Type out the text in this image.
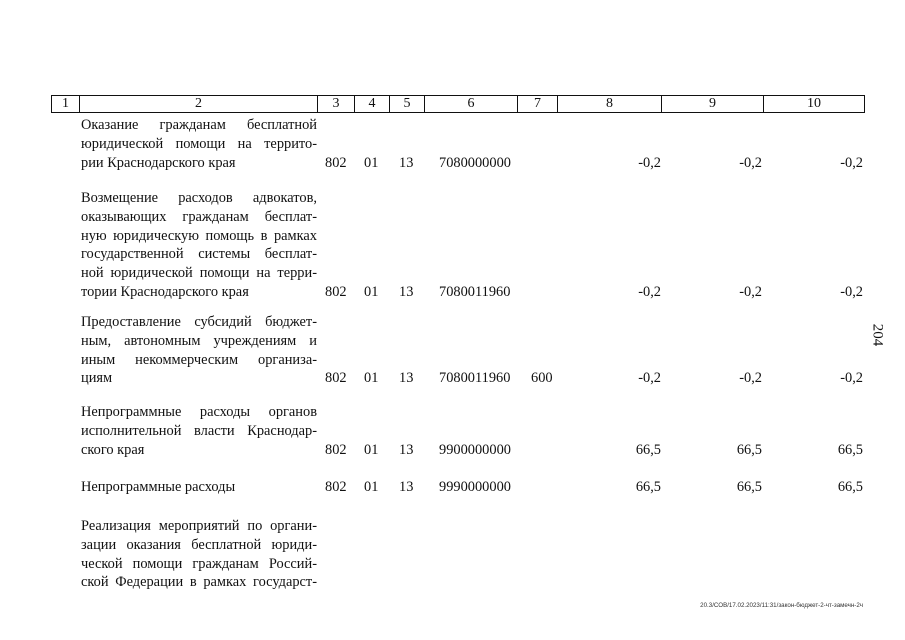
1	2	3	4	5	6	7	8	9	10
Оказание гражданам бесплатной
юридической помощи на террито-
рии Краснодарского края	802 01 13 7080000000	-0,2	-0,2	-0,2
Возмещение расходов адвокатов,
оказывающих гражданам бесплат-
ную юридическую помощь в рамках
государственной системы бесплат-
ной юридической помощи на терри-
тории Краснодарского края	802 01 13 7080011960	-0,2	-0,2	-0,2
Предоставление субсидий бюджет-
ным, автономным учреждениям и
иным некоммерческим организа-
циям	802 01 13 7080011960 600	-0,2	-0,2	-0,2
Непрограммные расходы органов
исполнительной власти Краснодар-
ского края	802 01 13 9900000000	66,5	66,5	66,5
Непрограммные расходы	802 01 13 9990000000	66,5	66,5	66,5
Реализация мероприятий по органи-
зации оказания бесплатной юриди-
ческой помощи гражданам Россий-
ской Федерации в рамках государст-
204
20.3/СОВ/17.02.2023/11:31/закон-бюджет-2-чт-замечн-2ч
